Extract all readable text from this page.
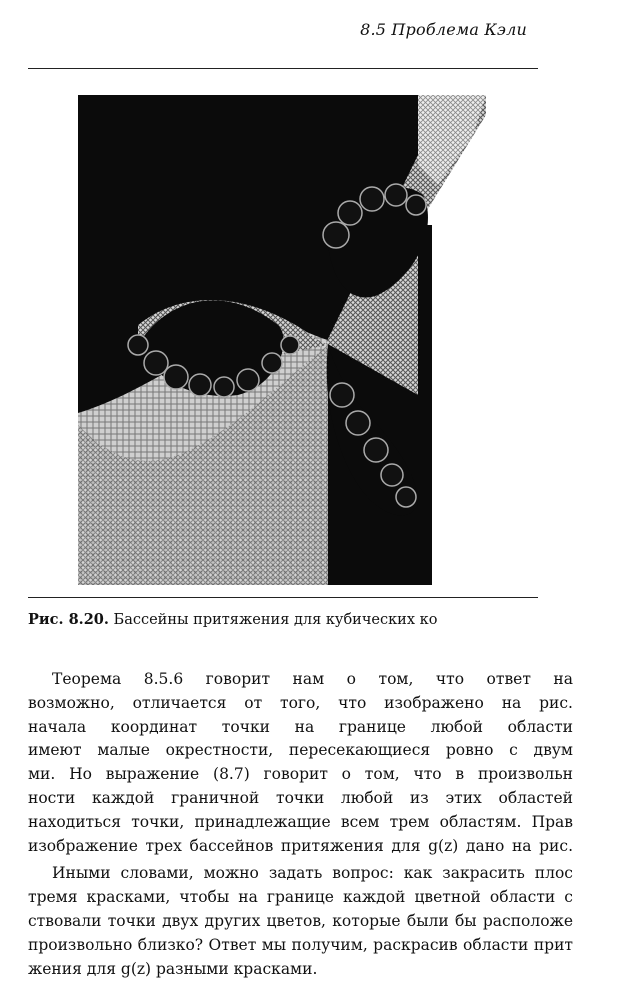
8.5 Проблема Кэли
Рис. 8.20. Бассейны притяжения для кубических ко

Теорема 8.5.6 говорит нам о том, что ответ на
возможно, отличается от того, что изображено на рис.
начала координат точки на границе любой области
имеют малые окрестности, пересекающиеся ровно с двум
ми. Но выражение (8.7) говорит о том, что в произвольн
ности каждой граничной точки любой из этих областей
находиться точки, принадлежащие всем трем областям. Прав
изображение трех бассейнов притяжения для g(z) дано на рис.

Иными словами, можно задать вопрос: как закрасить плос
тремя красками, чтобы на границе каждой цветной области с
ствовали точки двух других цветов, которые были бы расположе
произвольно близко? Ответ мы получим, раскрасив области прит
жения для g(z) разными красками.
